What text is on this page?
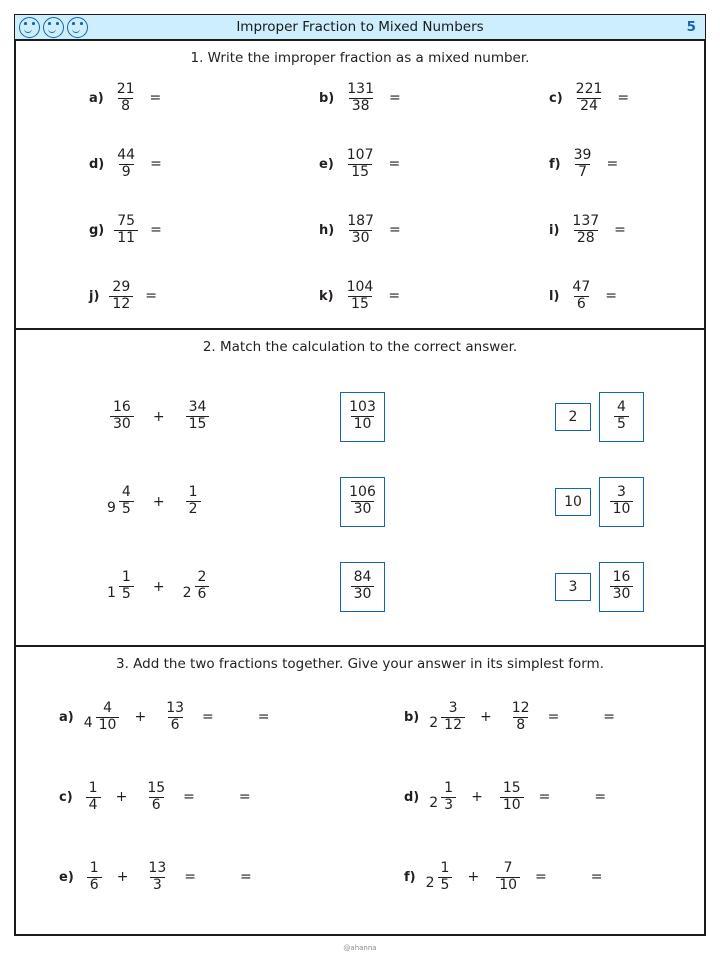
Improper Fraction to Mixed Numbers	5
1. Write the improper fraction as a mixed number.
$a) \frac{21}{8}$ =	$b) \frac{131}{38}$ =	$c) \frac{221}{24}$ =
$d) \frac{44}{9}$ =	$e) \frac{107}{15}$ =	$f) \frac{39}{7}$ =
$g) \frac{75}{11}$ =	$h) \frac{187}{30}$ =	$i) \frac{137}{28}$ =
$j) \frac{29}{12}$ =	$k) \frac{104}{15}$ =	$l) \frac{47}{6}$ =
2. Match the calculation to the correct answer.
$\frac{16}{30} + \frac{34}{15}$	$\frac{103}{10}$	2	$\frac{4}{5}$
$9 \frac{4}{5} + \frac{1}{2}$	$\frac{106}{30}$	10	$\frac{3}{10}$
$1 \frac{1}{5} + 2 \frac{2}{6}$	$\frac{84}{30}$	3	$\frac{16}{30}$
3. Add the two fractions together. Give your answer in its simplest form.
a) $4 \frac{4}{10} + \frac{13}{6}$ =	=	b) $2 \frac{3}{12} + \frac{12}{8}$ =	=
$c) \frac{1}{4} + \frac{15}{6}$ =	=	d) $2 \frac{1}{3} + \frac{15}{10}$ =	=
$e) \frac{1}{6} + \frac{13}{3}$ =	=	f) $2 \frac{1}{5} + \frac{7}{10}$ =	=
@ahanna
